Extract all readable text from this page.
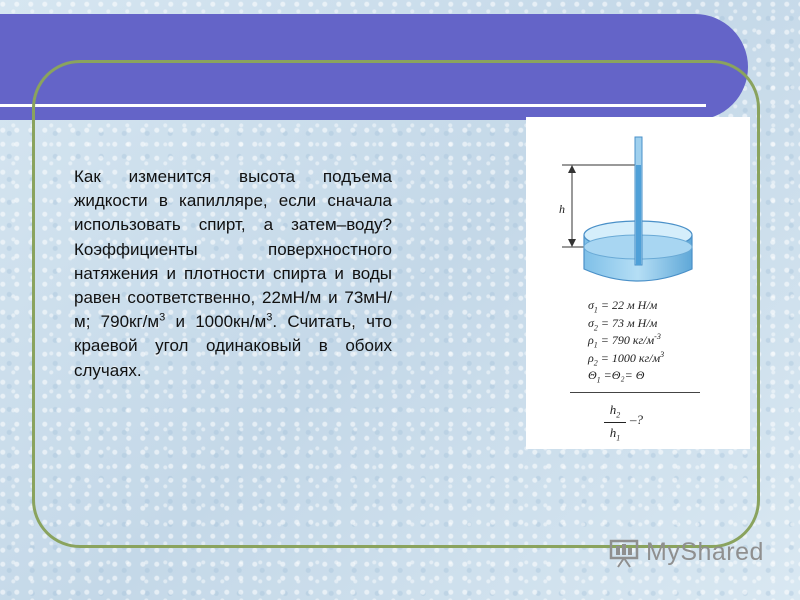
Как изменится высота подъема жидкости в капилляре, если сначала использовать спирт, а затем–воду? Коэффициенты поверхностного натяжения и плотности спирта и воды равен соответственно, 22мН/м и 73мН/м; $790кг/м^3$ и $1000кн/м^3$. Считать, что краевой угол одинаковый в обоих случаях.
h
$\sigma_1 = 22$ м Н/м
$\sigma_2 = 73$ м Н/м
$\rho_1 = 790$ $кг/м^{-3}$
$\rho_2 = 1000$ $кг/м^3$
$\Theta_1 =\Theta_2= \Theta$
$h_2$
$h_1$
–?
MyShared
